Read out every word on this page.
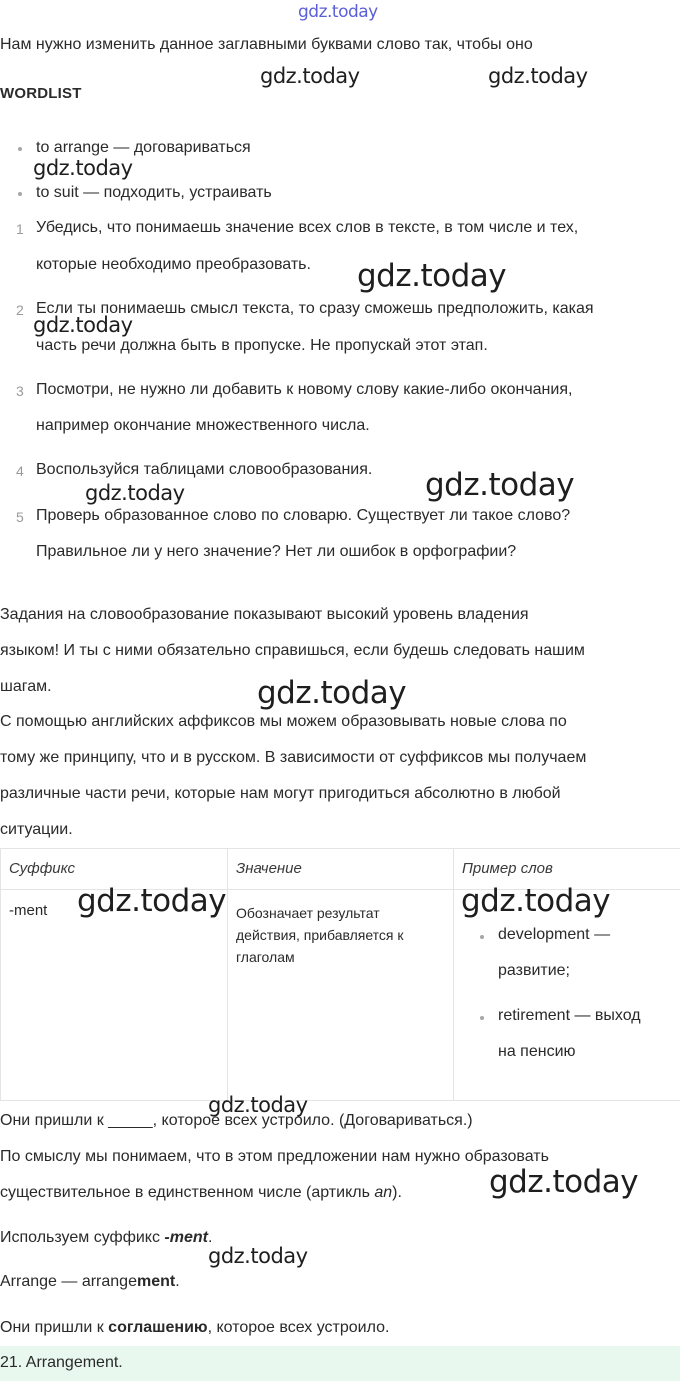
gdz.today
gdz.today	gdz.today
gdz.today
gdz.today
gdz.today
gdz.today
gdz.today
gdz.today
gdz.today	gdz.today
gdz.today
gdz.today
gdz.today
Нам нужно изменить данное заглавными буквами слово так, чтобы оно
WORDLIST
to arrange — договариваться
to suit — подходить, устраивать
1 Убедись, что понимаешь значение всех слов в тексте, в том числе и тех,
которые необходимо преобразовать.
2 Если ты понимаешь смысл текста, то сразу сможешь предположить, какая
часть речи должна быть в пропуске. Не пропускай этот этап.
3 Посмотри, не нужно ли добавить к новому слову какие-либо окончания,
например окончание множественного числа.
4 Воспользуйся таблицами словообразования.
5 Проверь образованное слово по словарю. Существует ли такое слово?
Правильное ли у него значение? Нет ли ошибок в орфографии?
Задания на словообразование показывают высокий уровень владения
языком! И ты с ними обязательно справишься, если будешь следовать нашим
шагам.
С помощью английских аффиксов мы можем образовывать новые слова по
тому же принципу, что и в русском. В зависимости от суффиксов мы получаем
различные части речи, которые нам могут пригодиться абсолютно в любой
ситуации.
Суффикс	Значение	Пример слов

-ment	Обозначает результат действия, прибавляется к глаголам	development —
развитие;
retirement — выход
на пенсию
Они пришли к _____, которое всех устроило. (Договариваться.)
По смыслу мы понимаем, что в этом предложении нам нужно образовать
существительное в единственном числе (артикль an).
Используем суффикс -ment.
Arrange — arrangement.
Они пришли к соглашению, которое всех устроило.
21. Arrangement.
